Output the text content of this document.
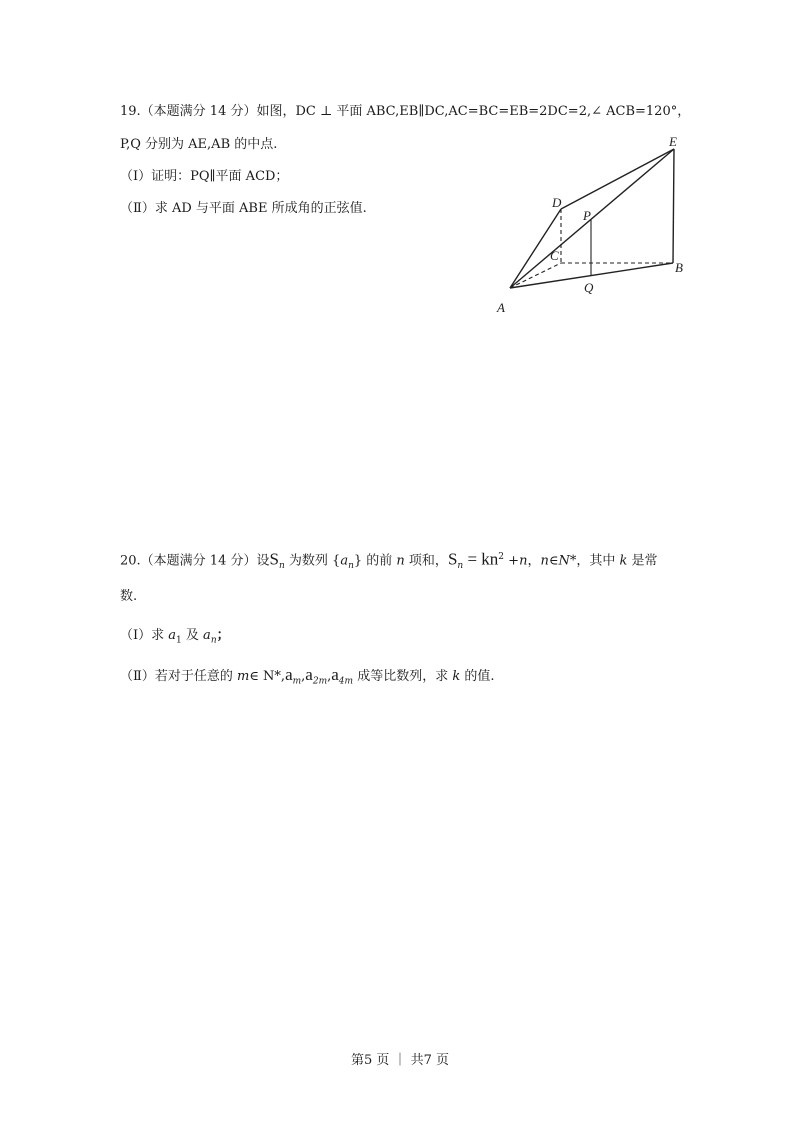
19.（本题满分 14 分）如图，DC ⊥ 平面 ABC,EB∥DC,AC=BC=EB=2DC=2,∠ ACB=120°，
P,Q 分别为 AE,AB 的中点.
（Ⅰ）证明：PQ∥平面 ACD；
（Ⅱ）求 AD 与平面 ABE 所成角的正弦值.
A
B
C
D
E
P
Q
20.（本题满分 14 分）设$S_n$ 为数列 $\{a_n\}$ 的前 n 项和，$S_n = kn^2 +n$，n∈N*，其中 k 是常
数.
（Ⅰ）求 $a_1$ 及 $a_n$；
（Ⅱ）若对于任意的 m∈ $N*,a_m,a_{2m},a_{4m}$ 成等比数列，求 k 的值.
第5 页 ｜ 共7 页
